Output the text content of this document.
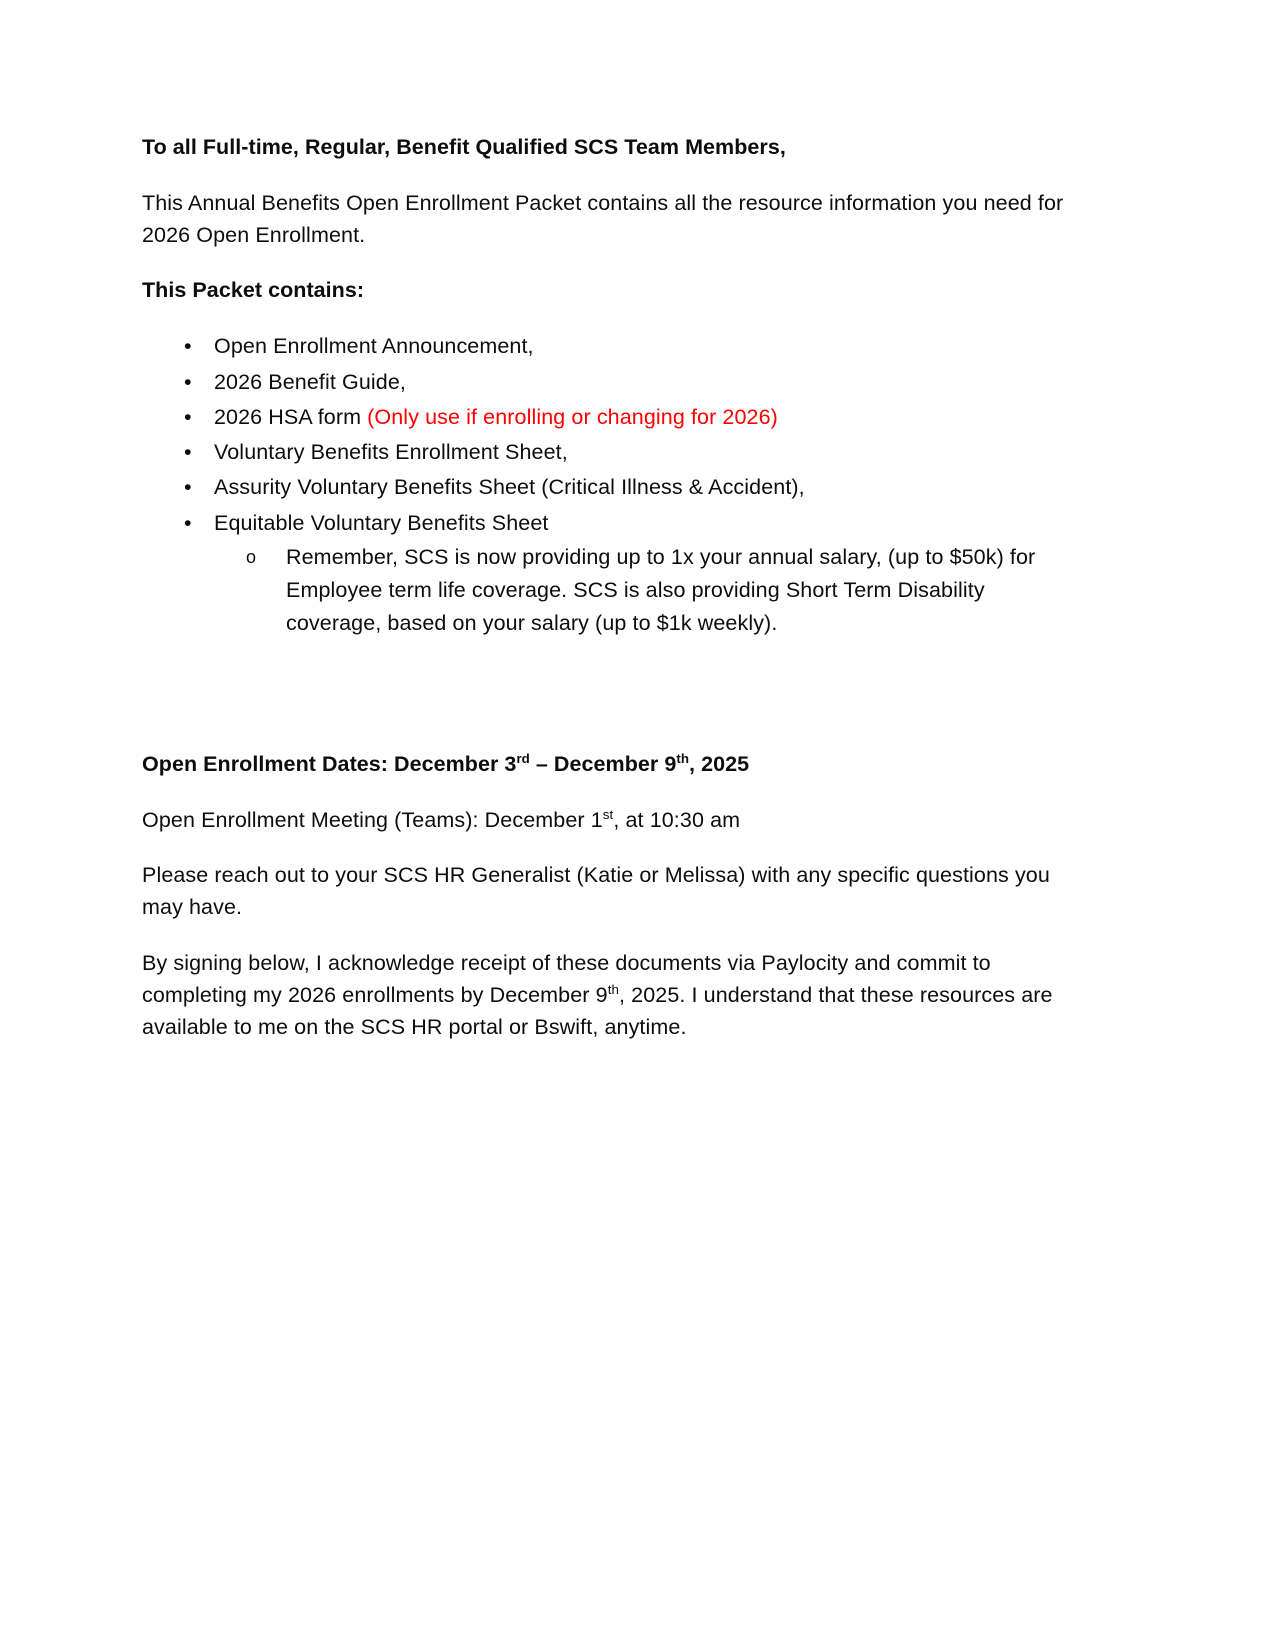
To all Full-time, Regular, Benefit Qualified SCS Team Members,

This Annual Benefits Open Enrollment Packet contains all the resource information you need for 2026 Open Enrollment.

This Packet contains:

• Open Enrollment Announcement,
• 2026 Benefit Guide,
• 2026 HSA form (Only use if enrolling or changing for 2026)
• Voluntary Benefits Enrollment Sheet,
• Assurity Voluntary Benefits Sheet (Critical Illness & Accident),
• Equitable Voluntary Benefits Sheet
o Remember, SCS is now providing up to 1x your annual salary, (up to $50k) for Employee term life coverage. SCS is also providing Short Term Disability coverage, based on your salary (up to $1k weekly).

Open Enrollment Dates: December 3rd – December 9th, 2025

Open Enrollment Meeting (Teams): December 1st, at 10:30 am

Please reach out to your SCS HR Generalist (Katie or Melissa) with any specific questions you may have.

By signing below, I acknowledge receipt of these documents via Paylocity and commit to completing my 2026 enrollments by December 9th, 2025. I understand that these resources are available to me on the SCS HR portal or Bswift, anytime.
